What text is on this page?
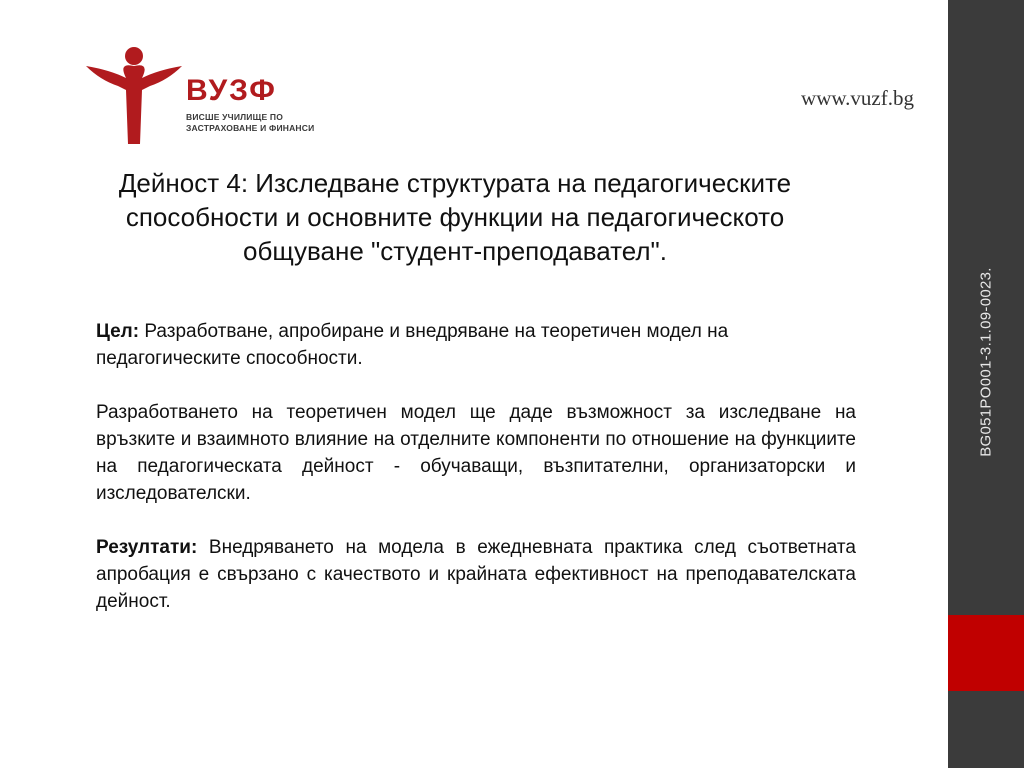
ВУЗФ
ВИСШЕ УЧИЛИЩЕ ПО
ЗАСТРАХОВАНЕ И ФИНАНСИ
www.vuzf.bg
Дейност 4: Изследване структурата на педагогическите способности и основните функции на педагогическото общуване "студент-преподавател".

Цел: Разработване, апробиране и внедряване на теоретичен модел на педагогическите способности.

Разработването на теоретичен модел ще даде възможност за изследване на връзките и взаимното влияние на отделните компоненти по отношение на функциите на педагогическата дейност - обучаващи, възпитателни, организаторски и изследователски.

Резултати: Внедряването на модела в ежедневната практика след съответната апробация е свързано с качеството и крайната ефективност на преподавателската дейност.

BG051PO001-3.1.09-0023.
